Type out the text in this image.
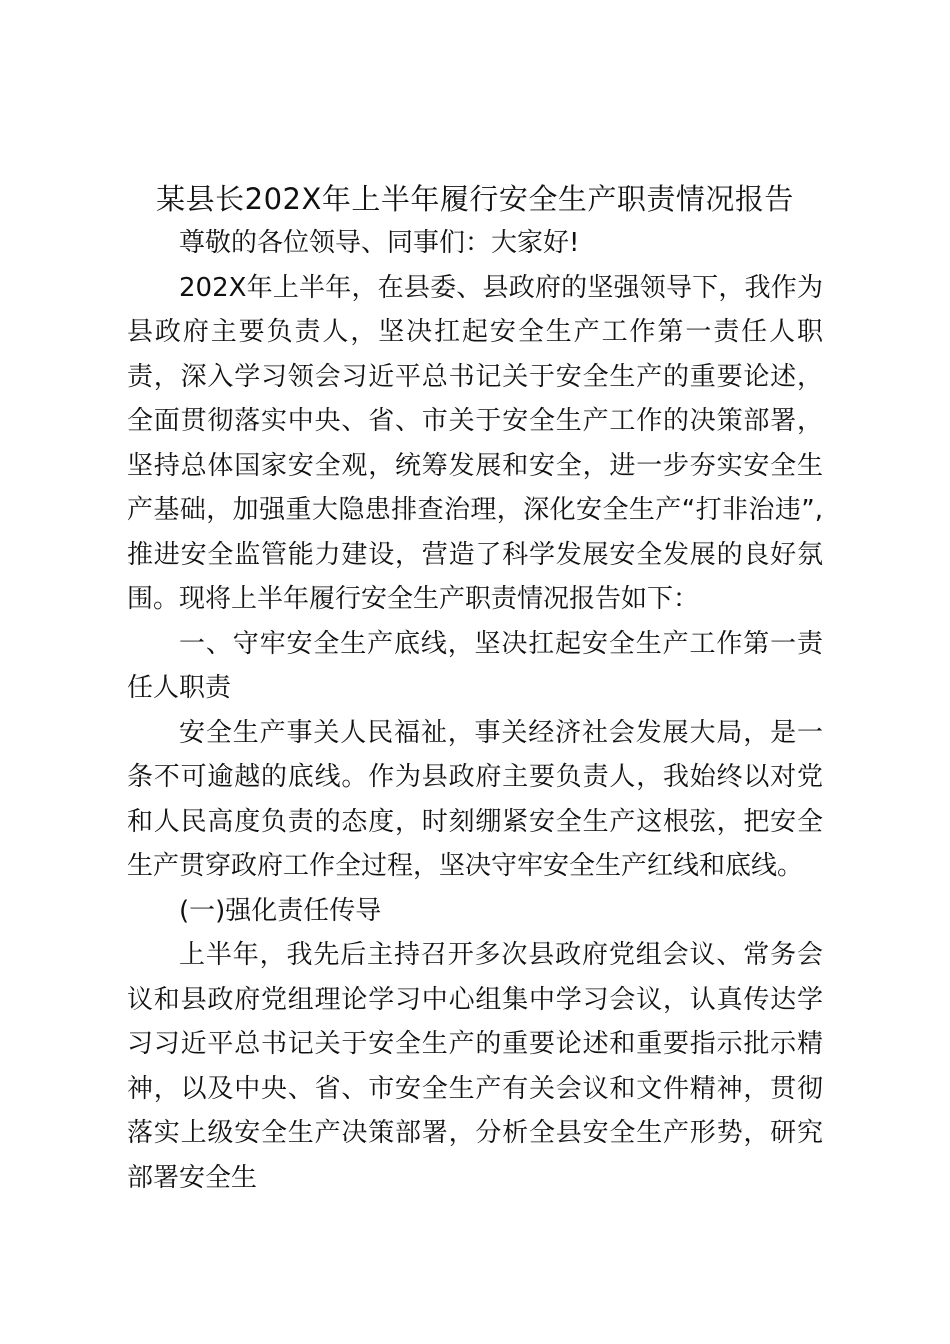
某县长202X年上半年履行安全生产职责情况报告

尊敬的各位领导、同事们：大家好!

202X年上半年，在县委、县政府的坚强领导下，我作为县政府主要负责人，坚决扛起安全生产工作第一责任人职责，深入学习领会习近平总书记关于安全生产的重要论述，全面贯彻落实中央、省、市关于安全生产工作的决策部署，坚持总体国家安全观，统筹发展和安全，进一步夯实安全生产基础，加强重大隐患排查治理，深化安全生产“打非治违”,推进安全监管能力建设，营造了科学发展安全发展的良好氛围。现将上半年履行安全生产职责情况报告如下：

一、守牢安全生产底线，坚决扛起安全生产工作第一责任人职责

安全生产事关人民福祉，事关经济社会发展大局，是一条不可逾越的底线。作为县政府主要负责人，我始终以对党和人民高度负责的态度，时刻绷紧安全生产这根弦，把安全生产贯穿政府工作全过程，坚决守牢安全生产红线和底线。

(一)强化责任传导

上半年，我先后主持召开多次县政府党组会议、常务会议和县政府党组理论学习中心组集中学习会议，认真传达学习习近平总书记关于安全生产的重要论述和重要指示批示精神，以及中央、省、市安全生产有关会议和文件精神，贯彻落实上级安全生产决策部署，分析全县安全生产形势，研究部署安全生
